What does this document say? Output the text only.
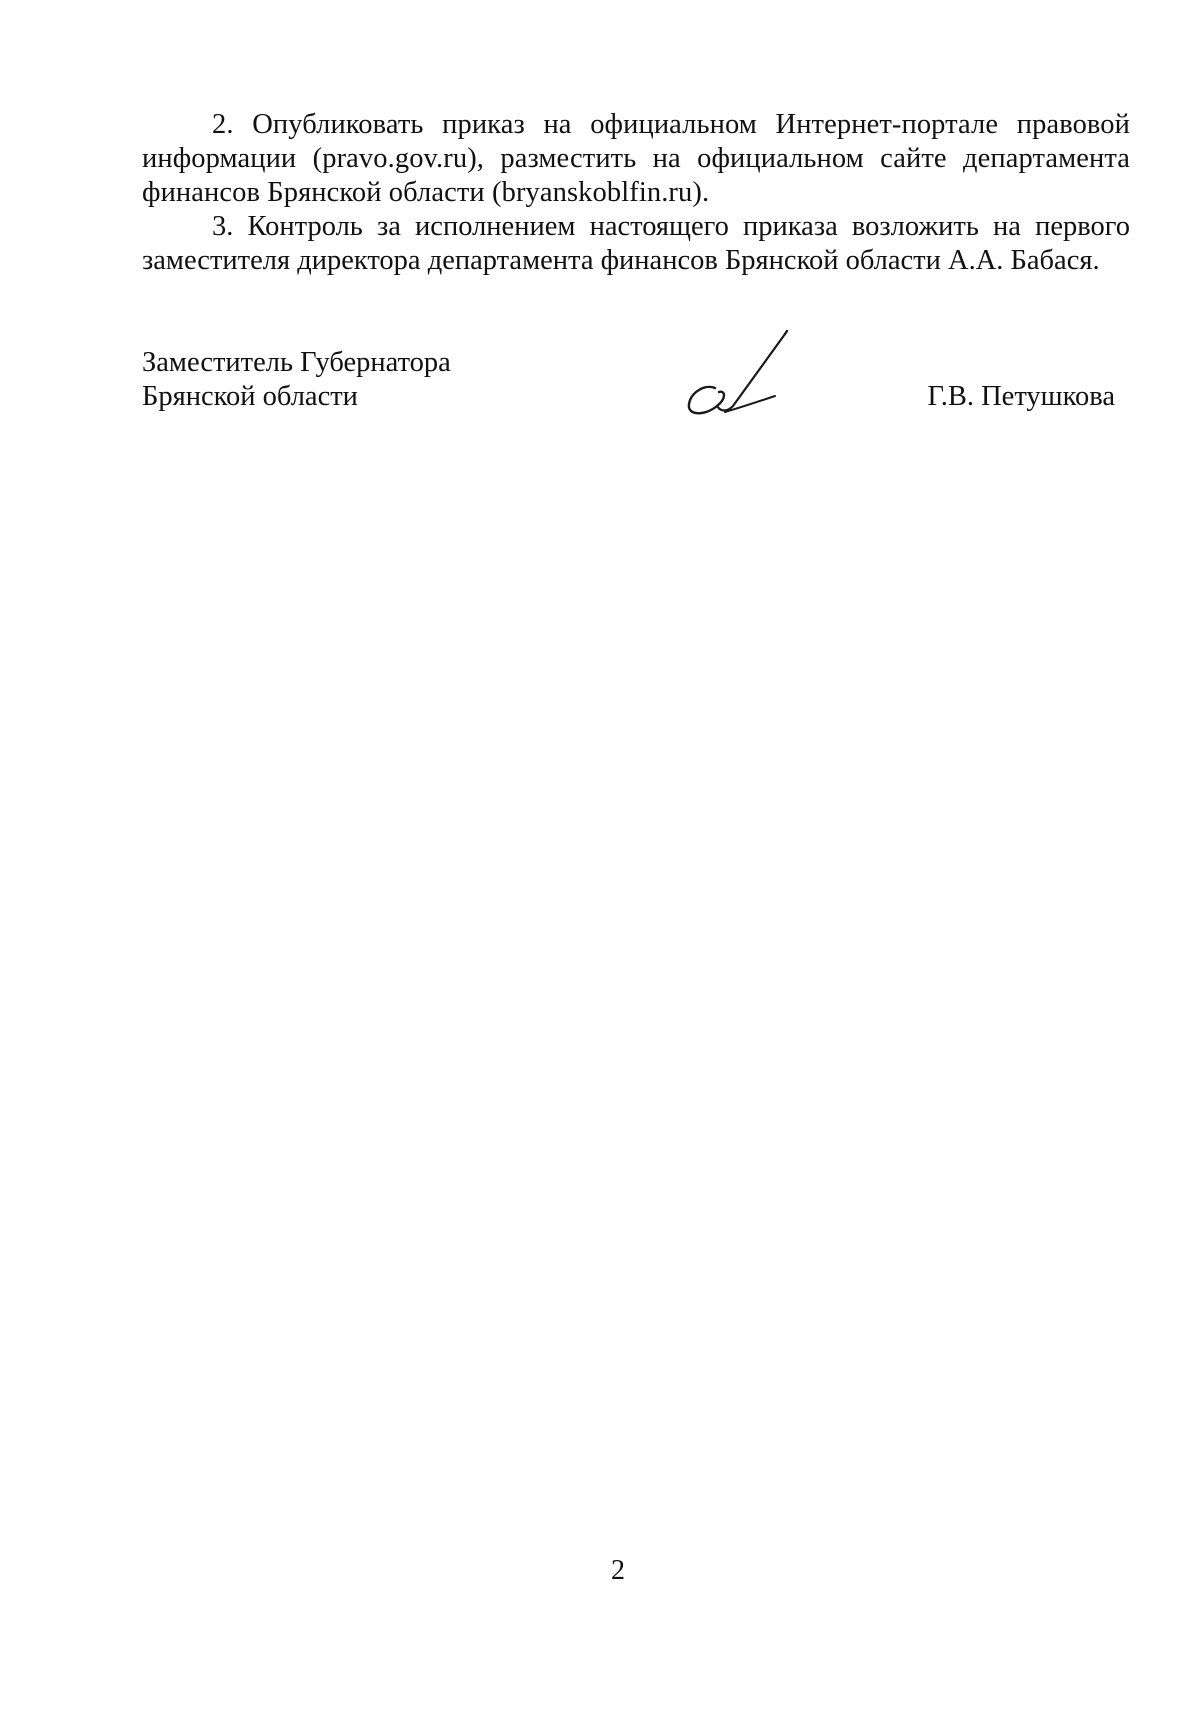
2. Опубликовать приказ на официальном Интернет-портале правовой информации (pravo.gov.ru), разместить на официальном сайте департамента финансов Брянской области (bryanskoblfin.ru).

3. Контроль за исполнением настоящего приказа возложить на первого заместителя директора департамента финансов Брянской области А.А. Бабася.

Заместитель Губернатора
Брянской области	Г.В. Петушкова
2
